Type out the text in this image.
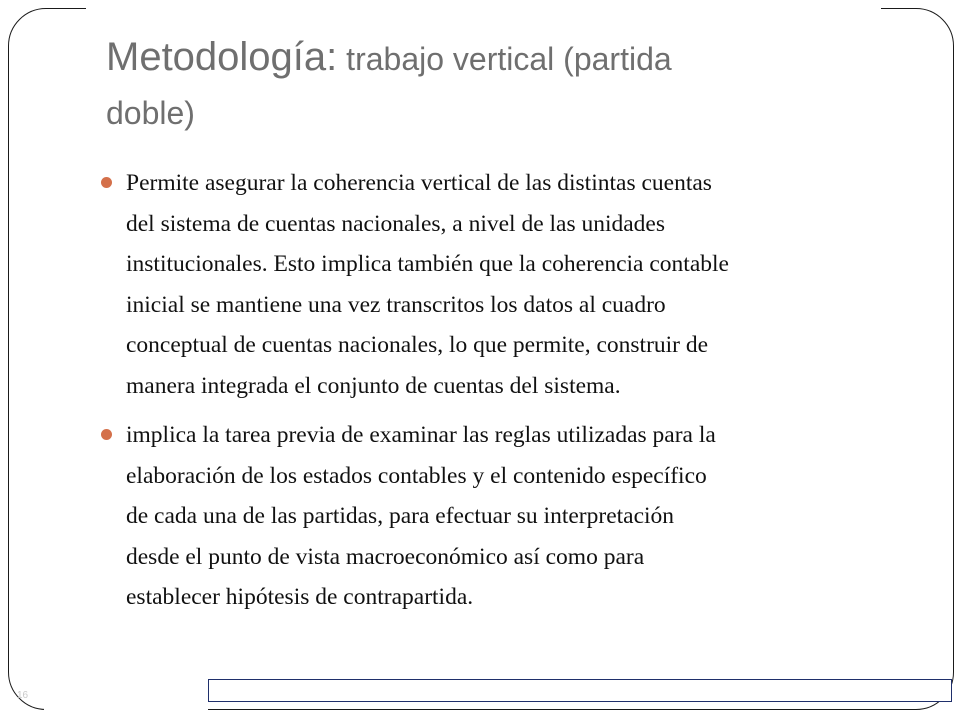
16
Metodología: trabajo vertical (partida
doble)
Permite asegurar la coherencia vertical de las distintas cuentas
del sistema de cuentas nacionales, a nivel de las unidades
institucionales. Esto implica también que la coherencia contable
inicial se mantiene una vez transcritos los datos al cuadro
conceptual de cuentas nacionales, lo que permite, construir de
manera integrada el conjunto de cuentas del sistema.
implica la tarea previa de examinar las reglas utilizadas para la
elaboración de los estados contables y el contenido específico
de cada una de las partidas, para efectuar su interpretación
desde el punto de vista macroeconómico así como para
establecer hipótesis de contrapartida.
